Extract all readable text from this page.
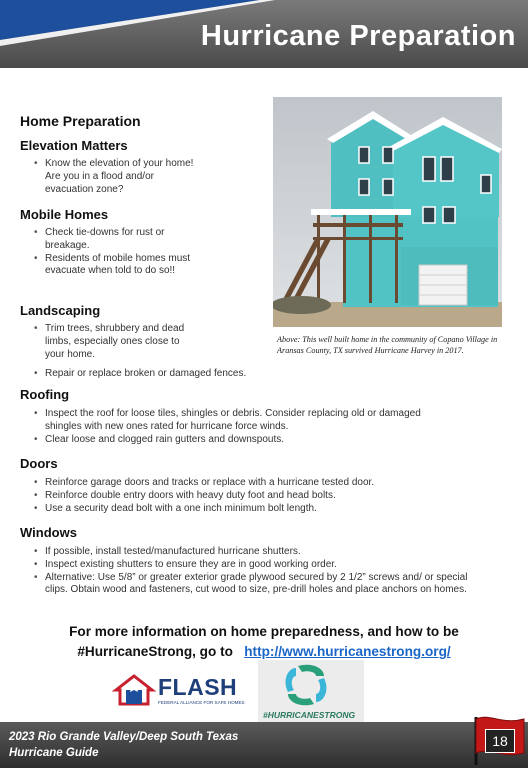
Hurricane Preparation
Home Preparation
Elevation Matters
• Know the elevation of your home! Are you in a flood and/or evacuation zone?
Mobile Homes
• Check tie-downs for rust or breakage.
• Residents of mobile homes must evacuate when told to do so!!
Landscaping
• Trim trees, shrubbery and dead limbs, especially ones close to your home.
• Repair or replace broken or damaged fences.
Roofing
• Inspect the roof for loose tiles, shingles or debris. Consider replacing old or damaged shingles with new ones rated for hurricane force winds.
• Clear loose and clogged rain gutters and downspouts.
Doors
• Reinforce garage doors and tracks or replace with a hurricane tested door.
• Reinforce double entry doors with heavy duty foot and head bolts.
• Use a security dead bolt with a one inch minimum bolt length.
Windows
• If possible, install tested/manufactured hurricane shutters.
• Inspect existing shutters to ensure they are in good working order.
• Alternative: Use 5/8” or greater exterior grade plywood secured by 2 1/2” screws and/ or special clips. Obtain wood and fasteners, cut wood to size, pre-drill holes and place anchors on homes.
Above: This well built home in the community of Copano Village in Aransas County, TX survived Hurricane Harvey in 2017.
For more information on home preparedness, and how to be
#HurricaneStrong, go to http://www.hurricanestrong.org/
FLASH
FEDERAL ALLIANCE FOR SAFE HOMES
#HURRICANESTRONG
2023 Rio Grande Valley/Deep South Texas
Hurricane Guide
18
